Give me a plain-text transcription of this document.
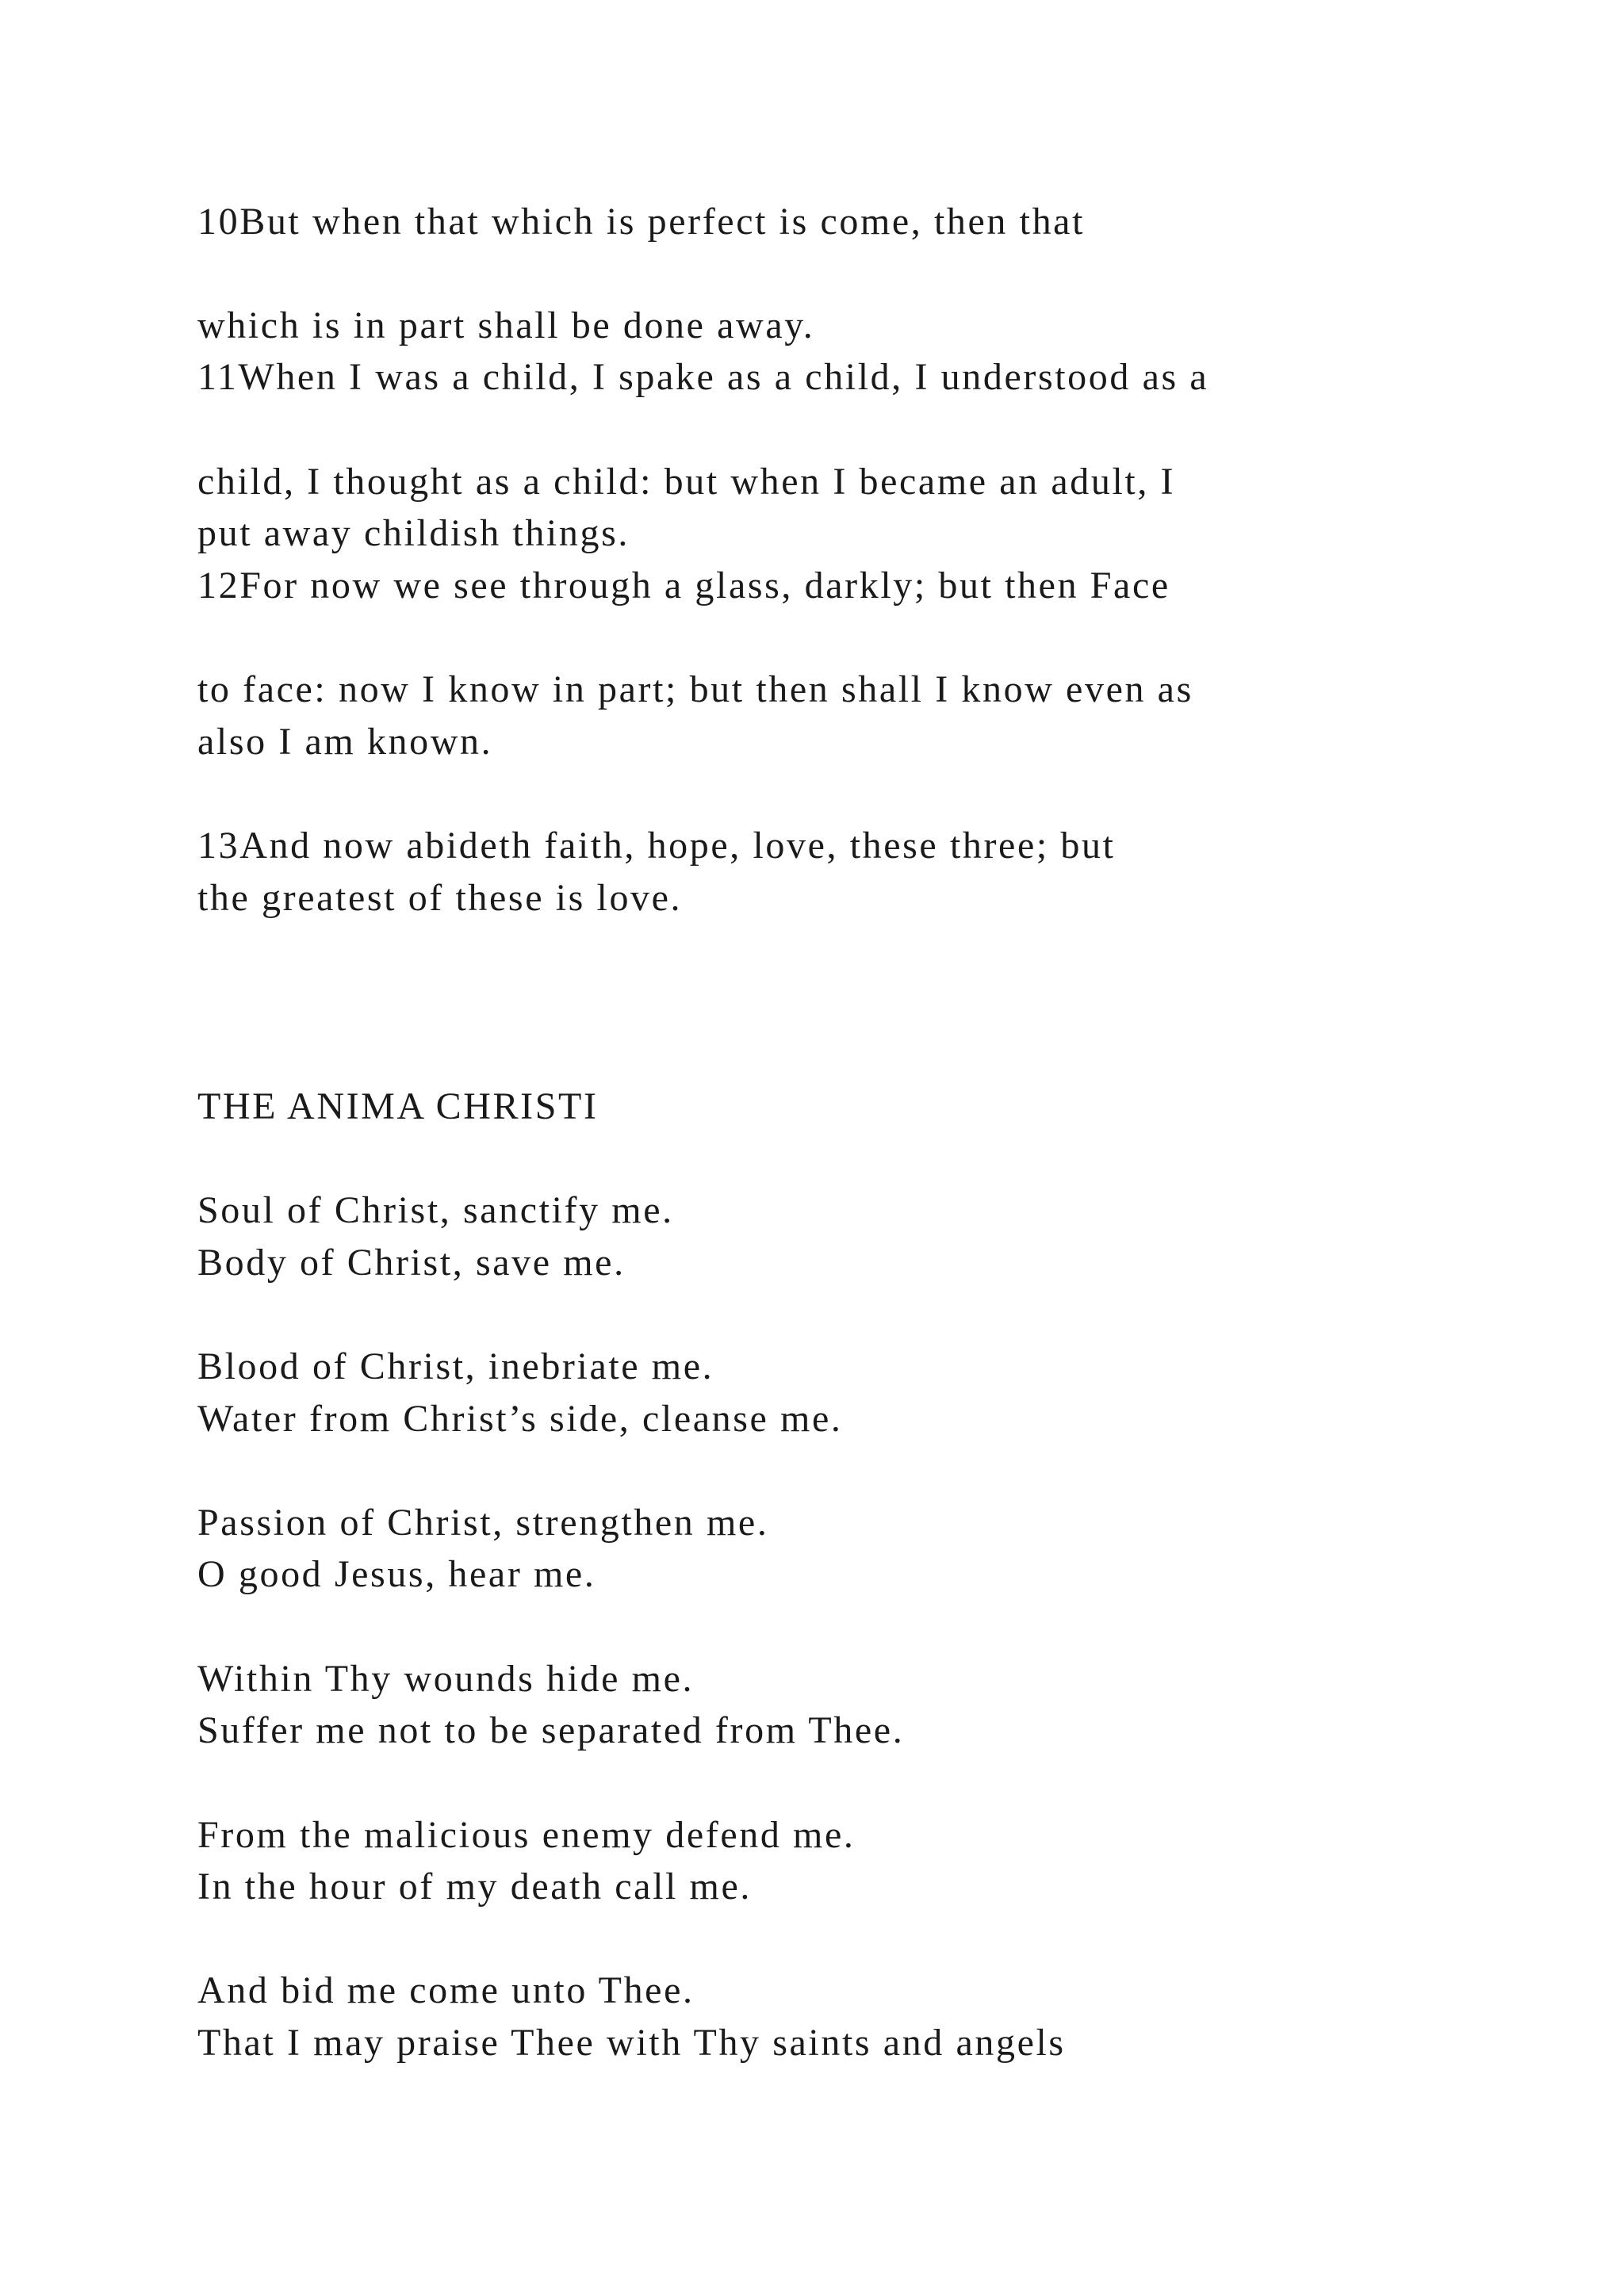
10But when that which is perfect is come, then that

which is in part shall be done away.

11When I was a child, I spake as a child, I understood as a

child, I thought as a child: but when I became an adult, I

put away childish things.

12For now we see through a glass, darkly; but then Face

to face: now I know in part; but then shall I know even as

also I am known.

13And now abideth faith, hope, love, these three; but

the greatest of these is love.

THE ANIMA CHRISTI

Soul of Christ, sanctify me.

Body of Christ, save me.

Blood of Christ, inebriate me.

Water from Christ’s side, cleanse me.

Passion of Christ, strengthen me.

O good Jesus, hear me.

Within Thy wounds hide me.

Suffer me not to be separated from Thee.

From the malicious enemy defend me.

In the hour of my death call me.

And bid me come unto Thee.

That I may praise Thee with Thy saints and angels
